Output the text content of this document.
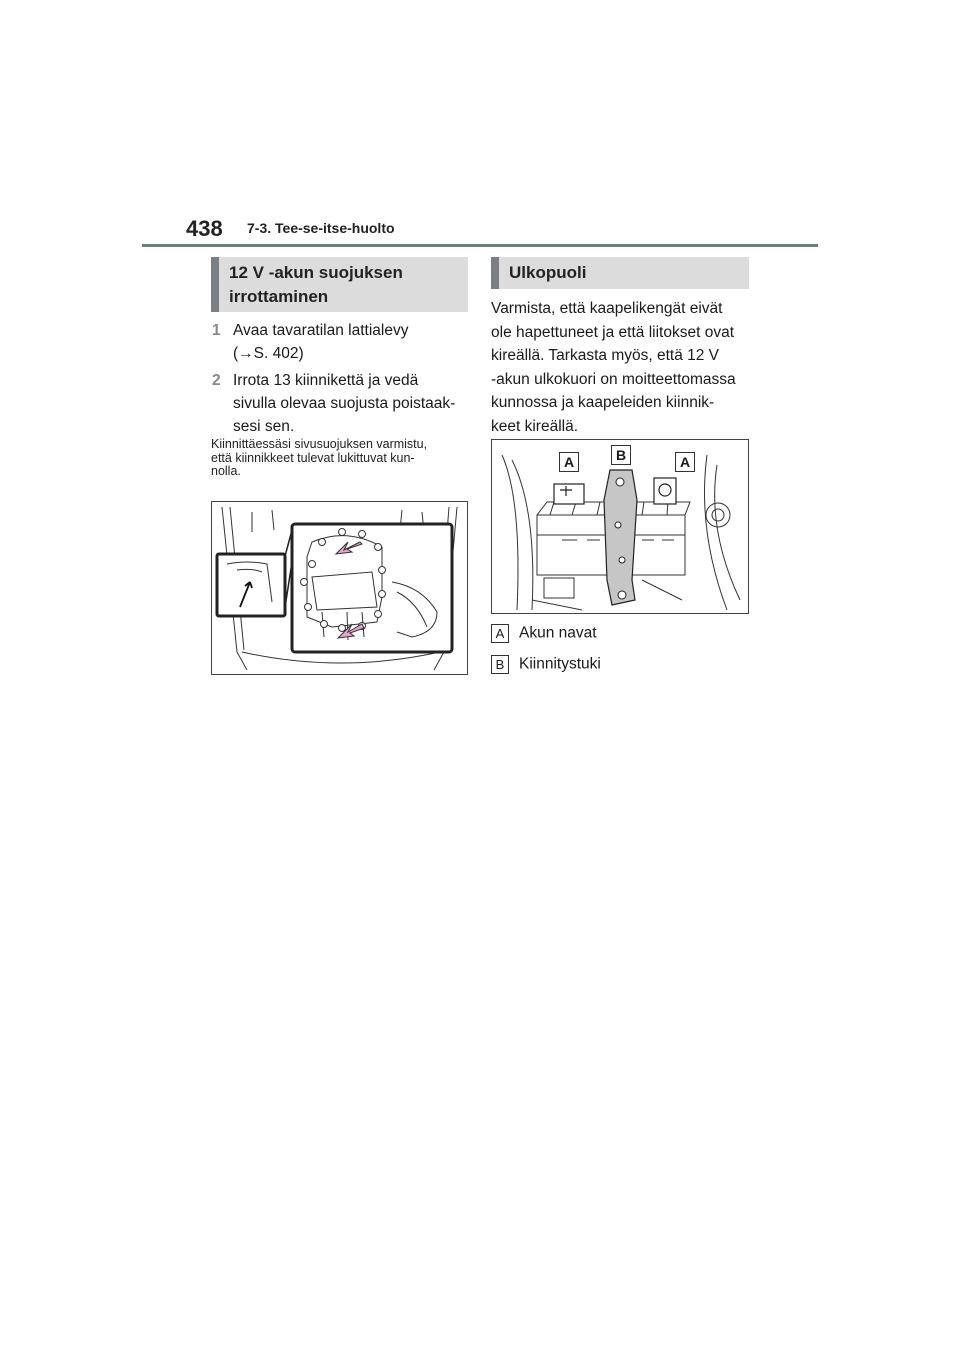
438 7-3. Tee-se-itse-huolto
12 V -akun suojuksen
irrottaminen
1 Avaa tavaratilan lattialevy
(→S. 402)
2 Irrota 13 kiinnikettä ja vedä
sivulla olevaa suojusta poistaak-
sesi sen.
Kiinnittäessäsi sivusuojuksen varmistu,
että kiinnikkeet tulevat lukittuvat kun-
nolla.
Ulkopuoli
Varmista, että kaapelikengät eivät
ole hapettuneet ja että liitokset ovat
kireällä. Tarkasta myös, että 12 V
-akun ulkokuori on moitteettomassa
kunnossa ja kaapeleiden kiinnik-
keet kireällä.
A	B	A
A Akun navat
B Kiinnitystuki
